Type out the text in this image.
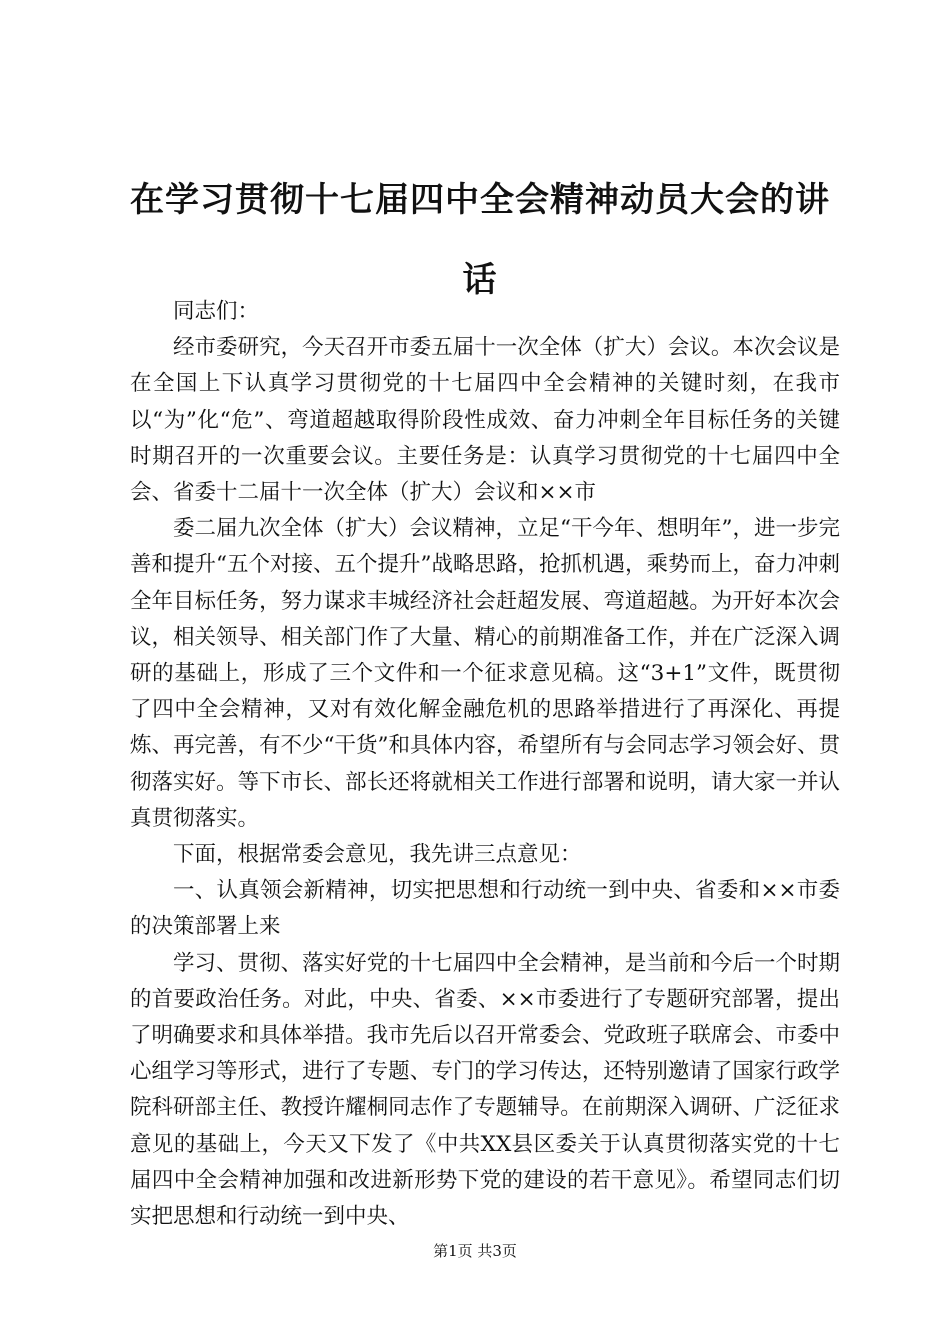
在学习贯彻十七届四中全会精神动员大会的讲
话

同志们：

经市委研究，今天召开市委五届十一次全体（扩大）会议。本次会议是在全国上下认真学习贯彻党的十七届四中全会精神的关键时刻，在我市以“为”化“危”、弯道超越取得阶段性成效、奋力冲刺全年目标任务的关键时期召开的一次重要会议。主要任务是：认真学习贯彻党的十七届四中全会、省委十二届十一次全体（扩大）会议和××市

委二届九次全体（扩大）会议精神，立足“干今年、想明年”，进一步完善和提升“五个对接、五个提升”战略思路，抢抓机遇，乘势而上，奋力冲刺全年目标任务，努力谋求丰城经济社会赶超发展、弯道超越。为开好本次会议，相关领导、相关部门作了大量、精心的前期准备工作，并在广泛深入调研的基础上，形成了三个文件和一个征求意见稿。这“3+1”文件，既贯彻了四中全会精神，又对有效化解金融危机的思路举措进行了再深化、再提炼、再完善，有不少“干货”和具体内容，希望所有与会同志学习领会好、贯彻落实好。等下市长、部长还将就相关工作进行部署和说明，请大家一并认真贯彻落实。

下面，根据常委会意见，我先讲三点意见：

一、认真领会新精神，切实把思想和行动统一到中央、省委和××市委的决策部署上来

学习、贯彻、落实好党的十七届四中全会精神，是当前和今后一个时期的首要政治任务。对此，中央、省委、××市委进行了专题研究部署，提出了明确要求和具体举措。我市先后以召开常委会、党政班子联席会、市委中心组学习等形式，进行了专题、专门的学习传达，还特别邀请了国家行政学院科研部主任、教授许耀桐同志作了专题辅导。在前期深入调研、广泛征求意见的基础上，今天又下发了《中共XX县区委关于认真贯彻落实党的十七届四中全会精神加强和改进新形势下党的建设的若干意见》。希望同志们切实把思想和行动统一到中央、

第1页 共3页
